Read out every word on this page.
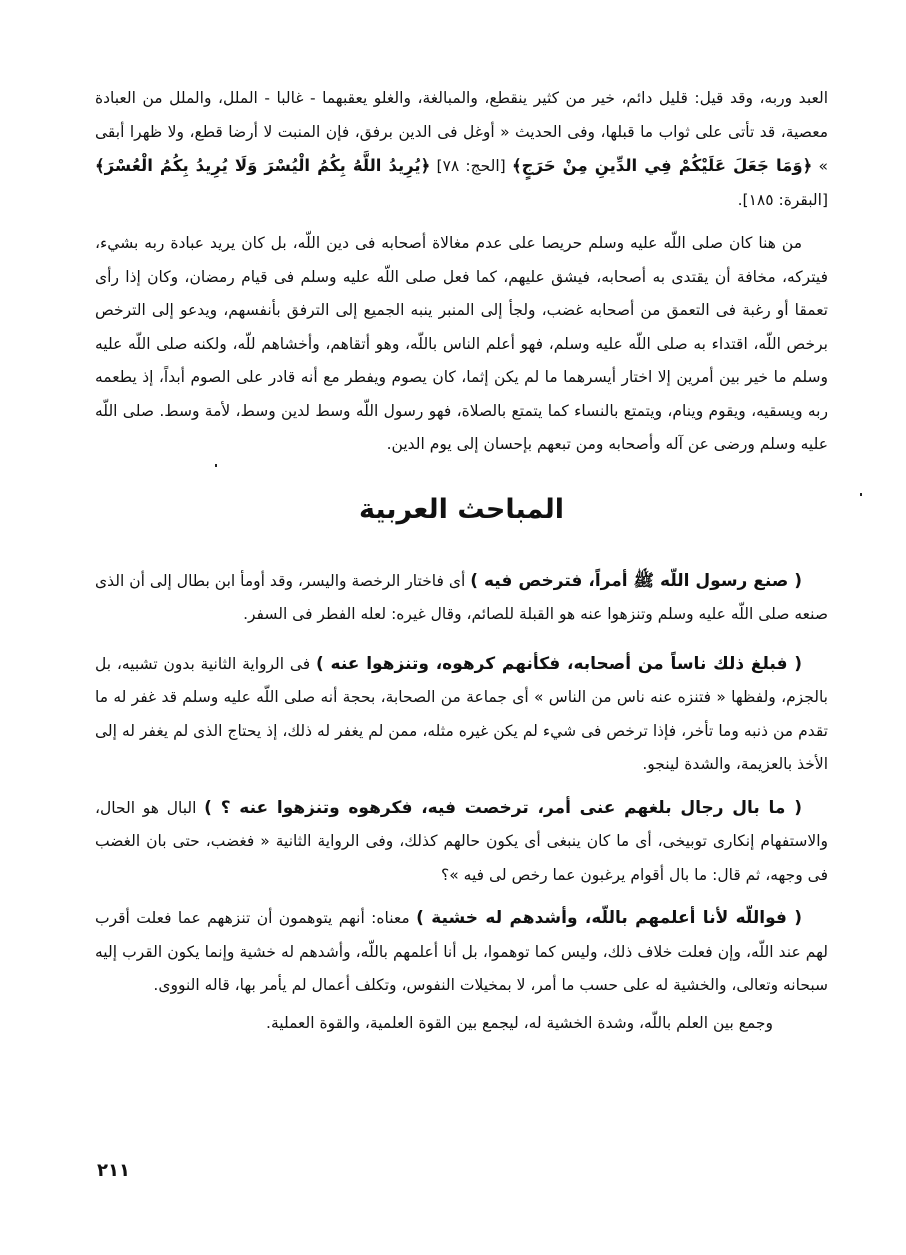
العبد وربه، وقد قيل: قليل دائم، خير من كثير ينقطع، والمبالغة، والغلو يعقبهما - غالبا - الملل، والملل من العبادة معصية، قد تأتى على ثواب ما قبلها، وفى الحديث « أوغل فى الدين برفق، فإن المنبت لا أرضا قطع، ولا ظهرا أبقى » ﴿وَمَا جَعَلَ عَلَيْكُمْ فِي الدِّينِ مِنْ حَرَجٍ﴾ [الحج: ٧٨] ﴿يُرِيدُ اللَّهُ بِكُمُ الْيُسْرَ وَلَا يُرِيدُ بِكُمُ الْعُسْرَ﴾ [البقرة: ١٨٥].

من هنا كان صلى اللّه عليه وسلم حريصا على عدم مغالاة أصحابه فى دين اللّه، بل كان يريد عبادة ربه بشيء، فيتركه، مخافة أن يقتدى به أصحابه، فيشق عليهم، كما فعل صلى اللّه عليه وسلم فى قيام رمضان، وكان إذا رأى تعمقا أو رغبة فى التعمق من أصحابه غضب، ولجأ إلى المنبر ينبه الجميع إلى الترفق بأنفسهم، ويدعو إلى الترخص برخص اللّه، اقتداء به صلى اللّه عليه وسلم، فهو أعلم الناس باللّه، وهو أتقاهم، وأخشاهم للّه، ولكنه صلى اللّه عليه وسلم ما خير بين أمرين إلا اختار أيسرهما ما لم يكن إثما، كان يصوم ويفطر مع أنه قادر على الصوم أبداً، إذ يطعمه ربه ويسقيه، ويقوم وينام، ويتمتع بالنساء كما يتمتع بالصلاة، فهو رسول اللّه وسط لدين وسط، لأمة وسط. صلى اللّه عليه وسلم ورضى عن آله وأصحابه ومن تبعهم بإحسان إلى يوم الدين.

المباحث العربية

( صنع رسول اللّه ﷺ أمراً، فترخص فيه ) أى فاختار الرخصة واليسر، وقد أومأ ابن بطال إلى أن الذى صنعه صلى اللّه عليه وسلم وتنزهوا عنه هو القبلة للصائم، وقال غيره: لعله الفطر فى السفر.

( فبلغ ذلك ناساً من أصحابه، فكأنهم كرهوه، وتنزهوا عنه ) فى الرواية الثانية بدون تشبيه، بل بالجزم، ولفظها « فتنزه عنه ناس من الناس » أى جماعة من الصحابة، بحجة أنه صلى اللّه عليه وسلم قد غفر له ما تقدم من ذنبه وما تأخر، فإذا ترخص فى شيء لم يكن غيره مثله، ممن لم يغفر له ذلك، إذ يحتاج الذى لم يغفر له إلى الأخذ بالعزيمة، والشدة لينجو.

( ما بال رجال بلغهم عنى أمر، ترخصت فيه، فكرهوه وتنزهوا عنه ؟ ) البال هو الحال، والاستفهام إنكارى توبيخى، أى ما كان ينبغى أى يكون حالهم كذلك، وفى الرواية الثانية « فغضب، حتى بان الغضب فى وجهه، ثم قال: ما بال أقوام يرغبون عما رخص لى فيه »؟

( فواللّه لأنا أعلمهم باللّه، وأشدهم له خشية ) معناه: أنهم يتوهمون أن تنزههم عما فعلت أقرب لهم عند اللّه، وإن فعلت خلاف ذلك، وليس كما توهموا، بل أنا أعلمهم باللّه، وأشدهم له خشية وإنما يكون القرب إليه سبحانه وتعالى، والخشية له على حسب ما أمر، لا بمخيلات النفوس، وتكلف أعمال لم يأمر بها، قاله النووى.

وجمع بين العلم باللّه، وشدة الخشية له، ليجمع بين القوة العلمية، والقوة العملية.

٢١١
